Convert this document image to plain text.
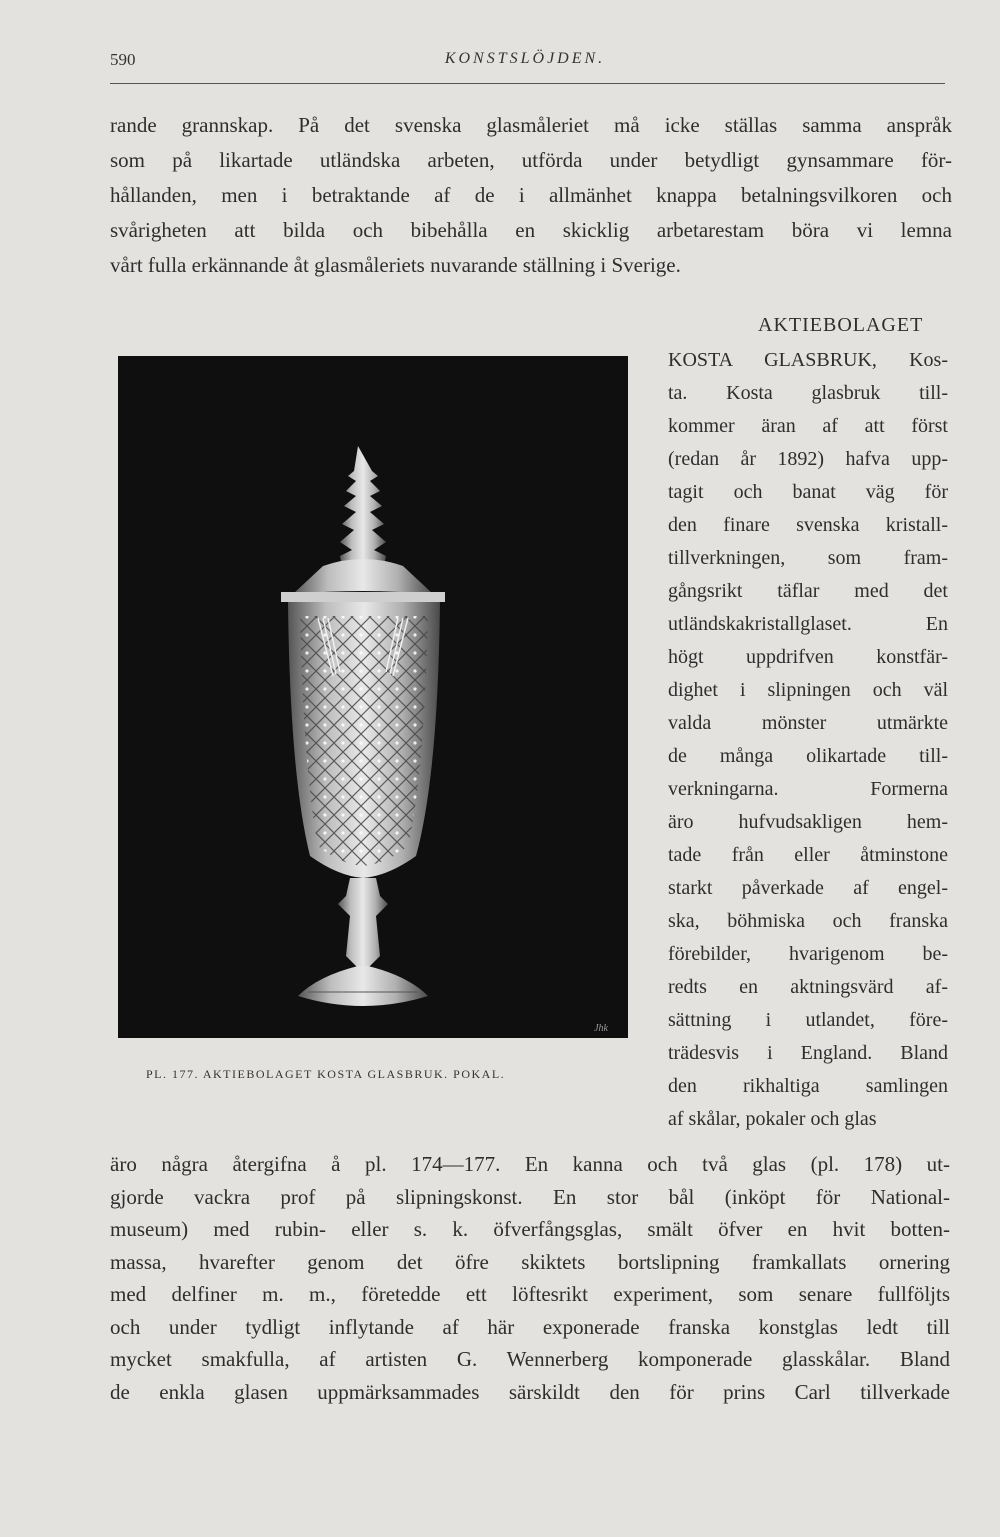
590	KONSTSLÖJDEN.
rande grannskap. På det svenska glasmåleriet må icke ställas samma anspråk
som på likartade utländska arbeten, utförda under betydligt gynsammare för-
hållanden, men i betraktande af de i allmänhet knappa betalningsvilkoren och
svårigheten att bilda och bibehålla en skicklig arbetarestam böra vi lemna
vårt fulla erkännande åt glasmåleriets nuvarande ställning i Sverige.
AKTIEBOLAGET
Jhk
PL. 177. AKTIEBOLAGET KOSTA GLASBRUK. POKAL.
KOSTA GLASBRUK, Kos-
ta. Kosta glasbruk till-
kommer äran af att först
(redan år 1892) hafva upp-
tagit och banat väg för
den finare svenska kristall-
tillverkningen, som fram-
gångsrikt täflar med det
utländskakristallglaset. En
högt uppdrifven konstfär-
dighet i slipningen och väl
valda mönster utmärkte
de många olikartade till-
verkningarna. Formerna
äro hufvudsakligen hem-
tade från eller åtminstone
starkt påverkade af engel-
ska, böhmiska och franska
förebilder, hvarigenom be-
redts en aktningsvärd af-
sättning i utlandet, före-
trädesvis i England. Bland
den rikhaltiga samlingen
af skålar, pokaler och glas
äro några återgifna å pl. 174—177. En kanna och två glas (pl. 178) ut-
gjorde vackra prof på slipningskonst. En stor bål (inköpt för National-
museum) med rubin- eller s. k. öfverfångsglas, smält öfver en hvit botten-
massa, hvarefter genom det öfre skiktets bortslipning framkallats ornering
med delfiner m. m., företedde ett löftesrikt experiment, som senare fullföljts
och under tydligt inflytande af här exponerade franska konstglas ledt till
mycket smakfulla, af artisten G. Wennerberg komponerade glasskålar. Bland
de enkla glasen uppmärksammades särskildt den för prins Carl tillverkade
